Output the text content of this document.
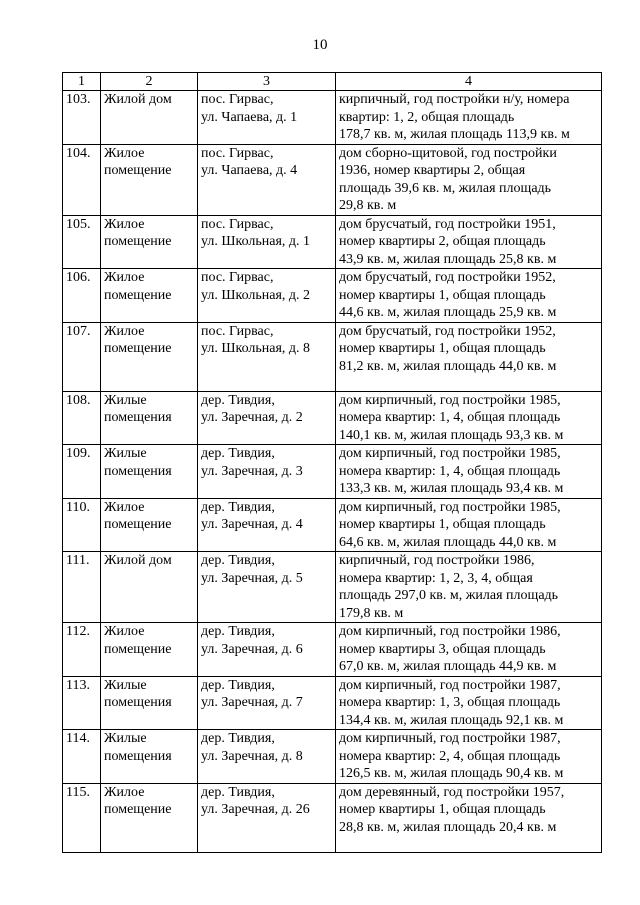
10
1	2	3	4
103.	Жилой дом	пос. Гирвас,
ул. Чапаева, д. 1	кирпичный, год постройки н/у, номера
квартир: 1, 2, общая площадь
178,7 кв. м, жилая площадь 113,9 кв. м

104.	Жилое
помещение	пос. Гирвас,
ул. Чапаева, д. 4	дом сборно-щитовой, год постройки
1936, номер квартиры 2, общая
площадь 39,6 кв. м, жилая площадь
29,8 кв. м

105.	Жилое
помещение	пос. Гирвас,
ул. Школьная, д. 1	дом брусчатый, год постройки 1951,
номер квартиры 2, общая площадь
43,9 кв. м, жилая площадь 25,8 кв. м

106.	Жилое
помещение	пос. Гирвас,
ул. Школьная, д. 2	дом брусчатый, год постройки 1952,
номер квартиры 1, общая площадь
44,6 кв. м, жилая площадь 25,9 кв. м

107.	Жилое
помещение	пос. Гирвас,
ул. Школьная, д. 8	дом брусчатый, год постройки 1952,
номер квартиры 1, общая площадь
81,2 кв. м, жилая площадь 44,0 кв. м

108.	Жилые
помещения	дер. Тивдия,
ул. Заречная, д. 2	дом кирпичный, год постройки 1985,
номера квартир: 1, 4, общая площадь
140,1 кв. м, жилая площадь 93,3 кв. м

109.	Жилые
помещения	дер. Тивдия,
ул. Заречная, д. 3	дом кирпичный, год постройки 1985,
номера квартир: 1, 4, общая площадь
133,3 кв. м, жилая площадь 93,4 кв. м

110.	Жилое
помещение	дер. Тивдия,
ул. Заречная, д. 4	дом кирпичный, год постройки 1985,
номер квартиры 1, общая площадь
64,6 кв. м, жилая площадь 44,0 кв. м

111.	Жилой дом	дер. Тивдия,
ул. Заречная, д. 5	кирпичный, год постройки 1986,
номера квартир: 1, 2, 3, 4, общая
площадь 297,0 кв. м, жилая площадь
179,8 кв. м

112.	Жилое
помещение	дер. Тивдия,
ул. Заречная, д. 6	дом кирпичный, год постройки 1986,
номер квартиры 3, общая площадь
67,0 кв. м, жилая площадь 44,9 кв. м

113.	Жилые
помещения	дер. Тивдия,
ул. Заречная, д. 7	дом кирпичный, год постройки 1987,
номера квартир: 1, 3, общая площадь
134,4 кв. м, жилая площадь 92,1 кв. м

114.	Жилые
помещения	дер. Тивдия,
ул. Заречная, д. 8	дом кирпичный, год постройки 1987,
номера квартир: 2, 4, общая площадь
126,5 кв. м, жилая площадь 90,4 кв. м

115.	Жилое
помещение	дер. Тивдия,
ул. Заречная, д. 26	дом деревянный, год постройки 1957,
номер квартиры 1, общая площадь
28,8 кв. м, жилая площадь 20,4 кв. м
